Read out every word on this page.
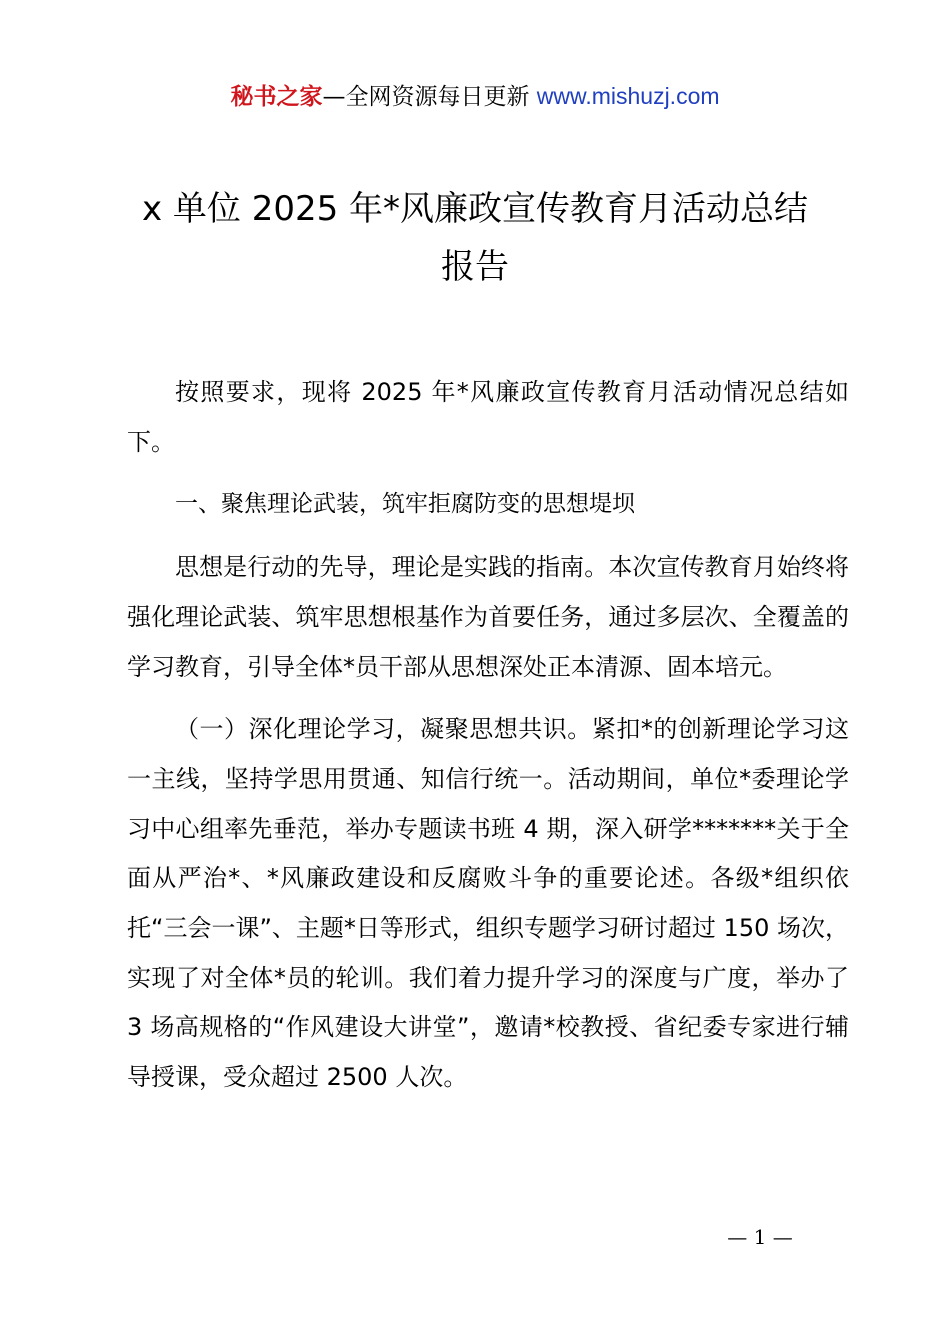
秘书之家—全网资源每日更新 www.mishuzj.com
x 单位 2025 年*风廉政宣传教育月活动总结
报告

按照要求，现将 2025 年*风廉政宣传教育月活动情况总结如下。

一、聚焦理论武装，筑牢拒腐防变的思想堤坝

思想是行动的先导，理论是实践的指南。本次宣传教育月始终将强化理论武装、筑牢思想根基作为首要任务，通过多层次、全覆盖的学习教育，引导全体*员干部从思想深处正本清源、固本培元。

（一）深化理论学习，凝聚思想共识。紧扣*的创新理论学习这一主线，坚持学思用贯通、知信行统一。活动期间，单位*委理论学习中心组率先垂范，举办专题读书班 4 期，深入研学*******关于全面从严治*、*风廉政建设和反腐败斗争的重要论述。各级*组织依托“三会一课”、主题*日等形式，组织专题学习研讨超过 150 场次，实现了对全体*员的轮训。我们着力提升学习的深度与广度，举办了 3 场高规格的“作风建设大讲堂”，邀请*校教授、省纪委专家进行辅导授课，受众超过 2500 人次。

— 1 —
